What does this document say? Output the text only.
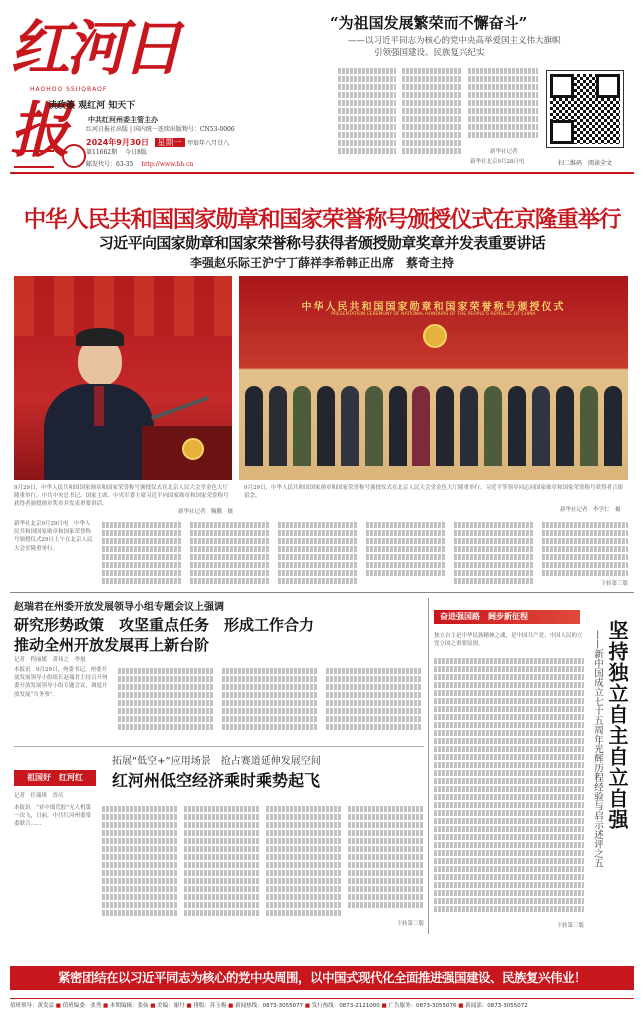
红河日报
HAOHOO SSIIQBAOF
读政策 观红河 知天下
中共红河州委主管主办
红河日报社出版 | 国内统一连续出版物号：CN53-0006
2024年9月30日 星期一 甲辰年八月廿八
第11662期　 今日8版
邮发代号：63-35　 http://www.hh.cn
“为祖国发展繁荣而不懈奋斗”
——以习近平同志为核心的党中央高举爱国主义伟大旗帜
引领强国建设、民族复兴纪实
新华社记者
新华社北京9月28日电	扫二维码　 阅读全文
中华人民共和国国家勋章和国家荣誉称号颁授仪式在京隆重举行
习近平向国家勋章和国家荣誉称号获得者颁授勋章奖章并发表重要讲话
李强赵乐际王沪宁丁薛祥李希韩正出席　蔡奇主持
中华人民共和国国家勋章和国家荣誉称号颁授仪式
PRESENTATION CEREMONY OF NATIONAL HONOURS OF THE PEOPLE'S REPUBLIC OF CHINA
9月29日，中华人民共和国国家勋章和国家荣誉称号颁授仪式在北京人民大会堂金色大厅隆重举行。中共中央总书记、国家主席、中央军委主席习近平向国家勋章和国家荣誉称号获得者颁授勋章奖章并发表重要讲话。
新华社记者　鞠鹏　摄
9月29日，中华人民共和国国家勋章和国家荣誉称号颁授仪式在北京人民大会堂金色大厅隆重举行。习近平等领导同志同国家勋章和国家荣誉称号获得者合影留念。
新华社记者　李学仁　摄
新华社北京9月29日电　中华人民共和国国家勋章和国家荣誉称号颁授仪式29日上午在北京人民大会堂隆重举行。
下转第三版
赵瑞君在州委开放发展领导小组专题会议上强调
研究形势政策　攻坚重点任务　形成工作合力
推动全州开放发展再上新台阶
记者　程丽媛　黄伟之　李旭
本报讯　9月29日，州委书记、州委开放发展领导小组组长赵瑞君主持召开州委开放发展领导小组专题会议，调度开放发展“当务事”。
祖国好　红河红
拓展“低空+”应用场景　抢占赛道延伸发展空间
红河州低空经济乘时乘势起飞
记者　任瑞琪　晋庆
本报讯　“亚中细荒胶”无人机第一次飞，日前，中共红河州委常委联合……
下转第三版
奋进强国路　 阔步新征程
坚持独立自主自立自强
——新中国成立七十五周年光辉历程经验与启示述评之五
独立自主是中华民族精神之魂，是中国共产党、中国人民的立党立国之重要原则。
下转第三版
紧密团结在以习近平同志为核心的党中央周围，以中国式现代化全面推进强国建设、民族复兴伟业！
值班领导：黄发益 ■ 值班编委：张秀 ■ 本期编辑：张仙 ■ 美编：谢丹 ■ 排版：苏玉梅 ■ 新闻热线：0873-3055077 ■ 发行热线：0873-2121000 ■ 广告服务：0873-3055076 ■ 新闻部：0873-3055072
